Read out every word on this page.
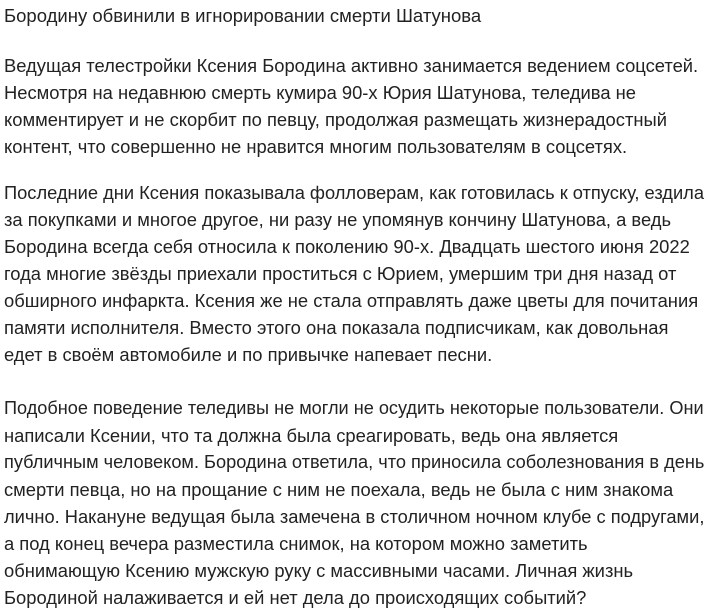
Бородину обвинили в игнорировании смерти Шатунова

Ведущая телестройки Ксения Бородина активно занимается ведением соцсетей.
Несмотря на недавнюю смерть кумира 90-х Юрия Шатунова, теледива не
комментирует и не скорбит по певцу, продолжая размещать жизнерадостный
контент, что совершенно не нравится многим пользователям в соцсетях.

Последние дни Ксения показывала фолловерам, как готовилась к отпуску, ездила
за покупками и многое другое, ни разу не упомянув кончину Шатунова, а ведь
Бородина всегда себя относила к поколению 90-х. Двадцать шестого июня 2022
года многие звёзды приехали проститься с Юрием, умершим три дня назад от
обширного инфаркта. Ксения же не стала отправлять даже цветы для почитания
памяти исполнителя. Вместо этого она показала подписчикам, как довольная
едет в своём автомобиле и по привычке напевает песни.

Подобное поведение теледивы не могли не осудить некоторые пользователи. Они
написали Ксении, что та должна была среагировать, ведь она является
публичным человеком. Бородина ответила, что приносила соболезнования в день
смерти певца, но на прощание с ним не поехала, ведь не была с ним знакома
лично. Накануне ведущая была замечена в столичном ночном клубе с подругами,
а под конец вечера разместила снимок, на котором можно заметить
обнимающую Ксению мужскую руку с массивными часами. Личная жизнь
Бородиной налаживается и ей нет дела до происходящих событий?
